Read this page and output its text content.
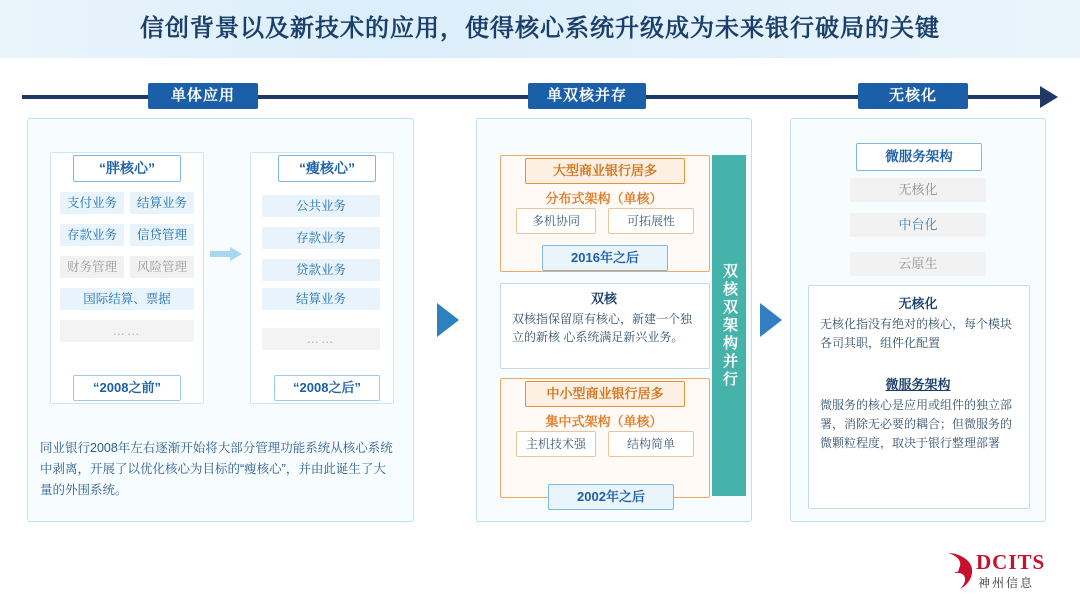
信创背景以及新技术的应用，使得核心系统升级成为未来银行破局的关键
单体应用	单双核并存	无核化
“胖核心”
支付业务	结算业务
存款业务	信贷管理
财务管理	风险管理
国际结算、票据
……
“2008之前”
“瘦核心”
公共业务
存款业务
贷款业务
结算业务
……
“2008之后”
同业银行2008年左右逐渐开始将大部分管理功能系统从核心系统中剥离，开展了以优化核心为目标的“瘦核心”，并由此诞生了大量的外围系统。
大型商业银行居多
分布式架构（单核）
多机协同	可拓展性
2016年之后
双核
双核指保留原有核心，新建一个独立的新核 心系统满足新兴业务。
中小型商业银行居多
集中式架构（单核）
主机技术强	结构简单
2002年之后
双核双架构并行
微服务架构
无核化
中台化
云原生
无核化
无核化指没有绝对的核心，每个模块各司其职，组件化配置
微服务架构
微服务的核心是应用或组件的独立部署，消除无必要的耦合；但微服务的微颗粒程度，取决于银行整理部署
DCITS
神州信息
